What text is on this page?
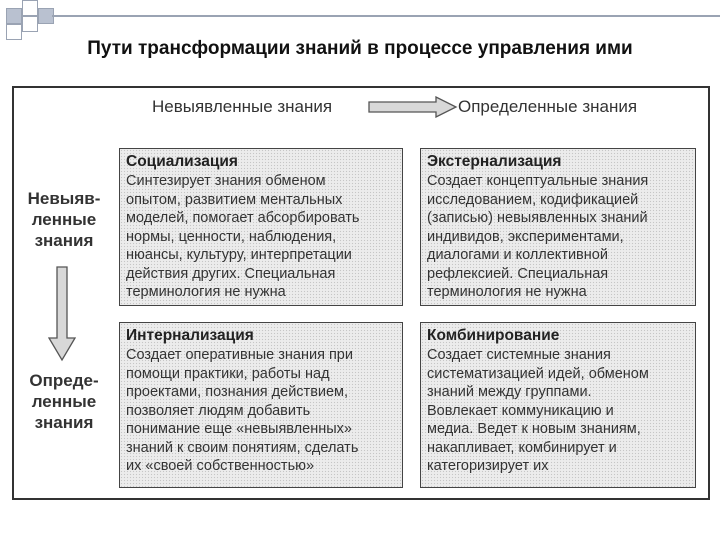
Пути трансформации знаний в процессе управления ими
Невыявленные знания	Определенные знания
Невыяв-
ленные
знания
Опреде-
ленные
знания
Социализация
Синтезирует знания обменом
опытом, развитием ментальных
моделей, помогает абсорбировать
нормы, ценности, наблюдения,
нюансы, культуру, интерпретации
действия других. Специальная
терминология не нужна
Экстернализация
Создает концептуальные знания
исследованием, кодификацией
(записью) невыявленных знаний
индивидов, экспериментами,
диалогами и коллективной
рефлексией. Специальная
терминология не нужна
Интернализация
Создает оперативные знания при
помощи практики, работы над
проектами, познания действием,
позволяет людям добавить
понимание еще «невыявленных»
знаний к своим понятиям, сделать
их «своей собственностью»
Комбинирование
Создает системные знания
систематизацией идей, обменом
знаний между группами.
Вовлекает коммуникацию и
медиа. Ведет к новым знаниям,
накапливает, комбинирует и
категоризирует их
